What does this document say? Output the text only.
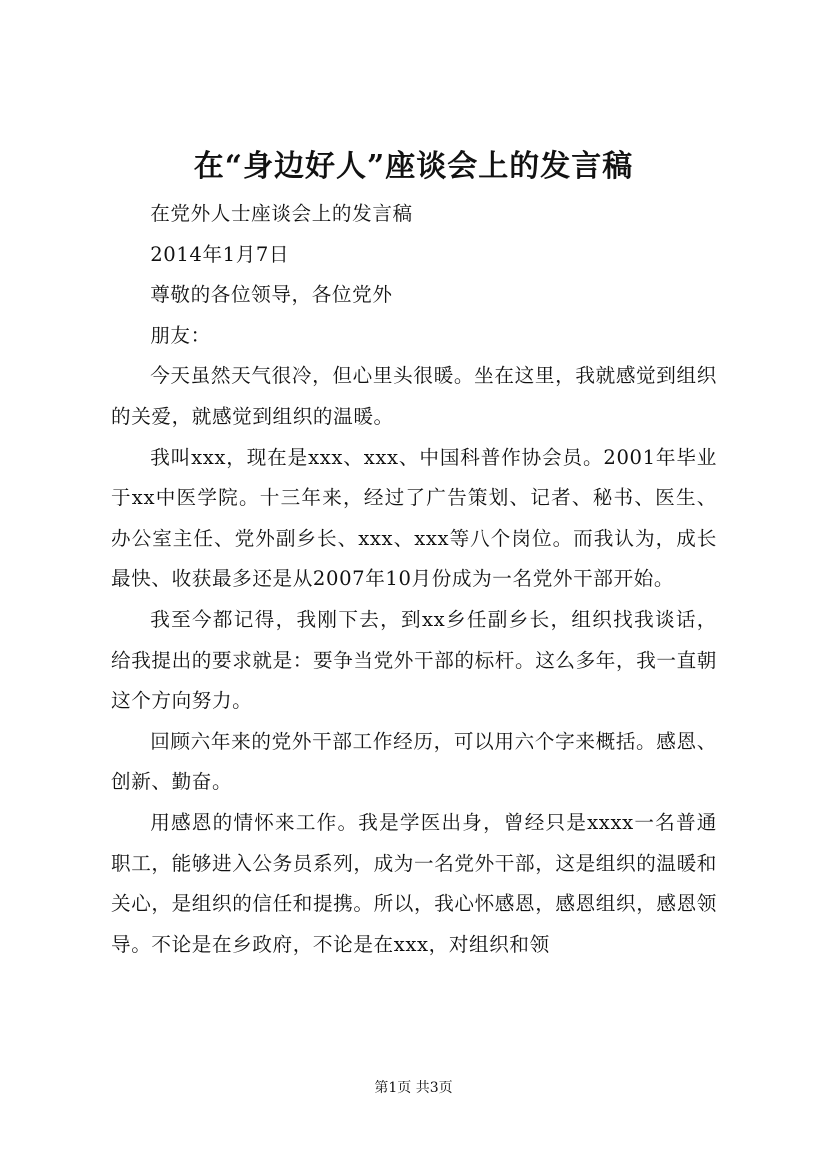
在“身边好人”座谈会上的发言稿

在党外人士座谈会上的发言稿

2014年1月7日

尊敬的各位领导，各位党外

朋友：

今天虽然天气很冷，但心里头很暖。坐在这里，我就感觉到组织的关爱，就感觉到组织的温暖。

我叫xxx，现在是xxx、xxx、中国科普作协会员。2001年毕业于xx中医学院。十三年来，经过了广告策划、记者、秘书、医生、办公室主任、党外副乡长、xxx、xxx等八个岗位。而我认为，成长最快、收获最多还是从2007年10月份成为一名党外干部开始。

我至今都记得，我刚下去，到xx乡任副乡长，组织找我谈话，给我提出的要求就是：要争当党外干部的标杆。这么多年，我一直朝这个方向努力。

回顾六年来的党外干部工作经历，可以用六个字来概括。感恩、创新、勤奋。

用感恩的情怀来工作。我是学医出身，曾经只是xxxx一名普通职工，能够进入公务员系列，成为一名党外干部，这是组织的温暖和关心，是组织的信任和提携。所以，我心怀感恩，感恩组织，感恩领导。不论是在乡政府，不论是在xxx，对组织和领

第1页 共3页
